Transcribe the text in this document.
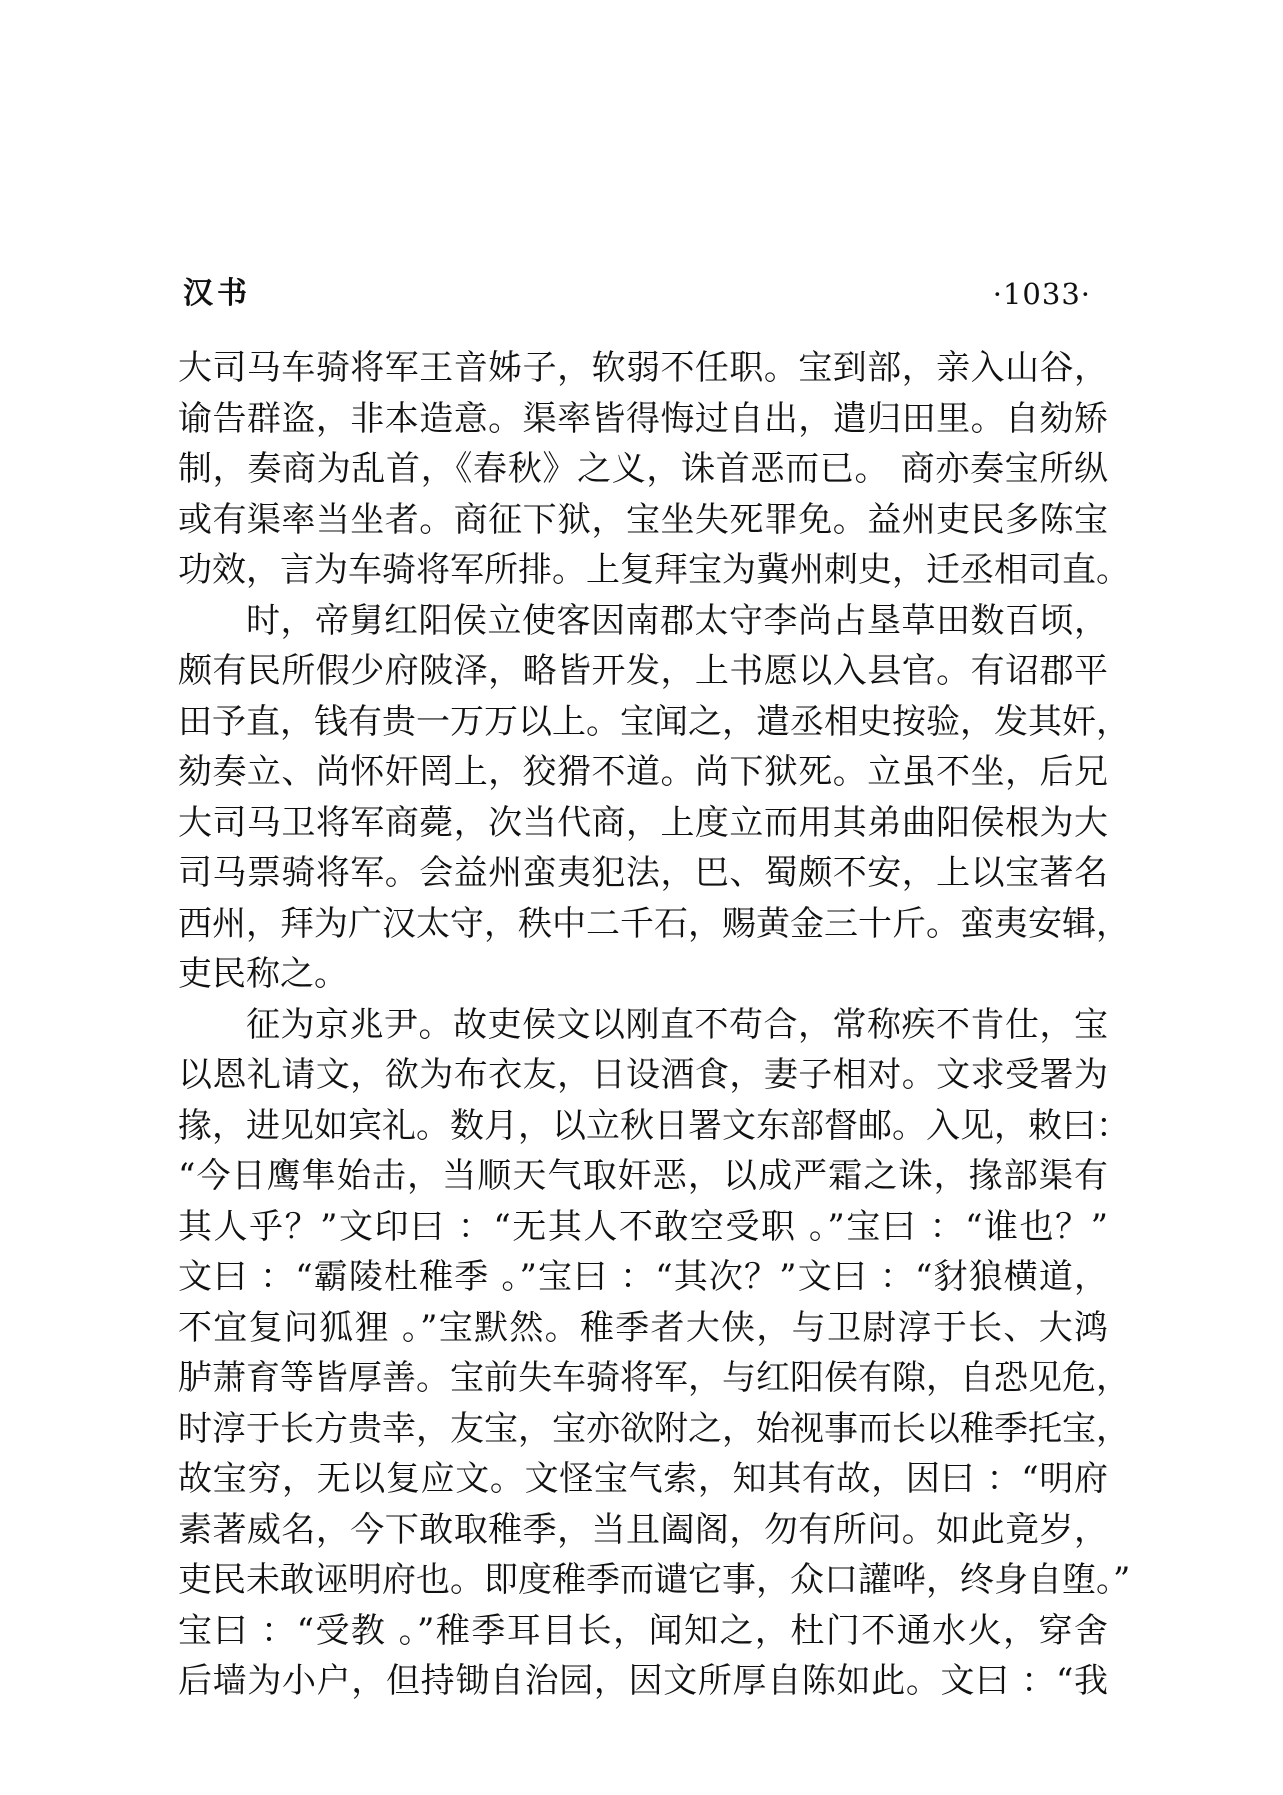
汉书	·1033·
大司马车骑将军王音姊子，软弱不任职。宝到部，亲入山谷，
谕告群盗，非本造意。渠率皆得悔过自出，遣归田里。自劾矫
制，奏商为乱首，《春秋》之义，诛首恶而已。 商亦奏宝所纵
或有渠率当坐者。商征下狱，宝坐失死罪免。益州吏民多陈宝
功效，言为车骑将军所排。上复拜宝为冀州刺史，迁丞相司直。
时，帝舅红阳侯立使客因南郡太守李尚占垦草田数百顷，
颇有民所假少府陂泽，略皆开发，上书愿以入县官。有诏郡平
田予直，钱有贵一万万以上。宝闻之，遣丞相史按验，发其奸，
劾奏立、尚怀奸罔上，狡猾不道。尚下狱死。立虽不坐，后兄
大司马卫将军商薨，次当代商，上度立而用其弟曲阳侯根为大
司马票骑将军。会益州蛮夷犯法，巴、蜀颇不安，上以宝著名
西州，拜为广汉太守，秩中二千石，赐黄金三十斤。蛮夷安辑，
吏民称之。
征为京兆尹。故吏侯文以刚直不苟合，常称疾不肯仕，宝
以恩礼请文，欲为布衣友，日设酒食，妻子相对。文求受署为
掾，进见如宾礼。数月，以立秋日署文东部督邮。入见，敕曰：
“今日鹰隼始击，当顺天气取奸恶，以成严霜之诛，掾部渠有
其人乎？”文印曰 ：“无其人不敢空受职 。”宝曰 ：“谁也？”
文曰 ：“霸陵杜稚季 。”宝曰 ：“其次？”文曰 ：“豺狼横道，
不宜复问狐狸 。”宝默然。稚季者大侠，与卫尉淳于长、大鸿
胪萧育等皆厚善。宝前失车骑将军，与红阳侯有隙，自恐见危，
时淳于长方贵幸，友宝，宝亦欲附之，始视事而长以稚季托宝，
故宝穷，无以复应文。文怪宝气索，知其有故，因曰 ：“明府
素著威名，今下敢取稚季，当且阖阁，勿有所问。如此竟岁，
吏民未敢诬明府也。即度稚季而谴它事，众口讙哗，终身自堕。”
宝曰 ：“受教 。”稚季耳目长，闻知之，杜门不通水火，穿舍
后墙为小户，但持锄自治园，因文所厚自陈如此。文曰 ：“我
